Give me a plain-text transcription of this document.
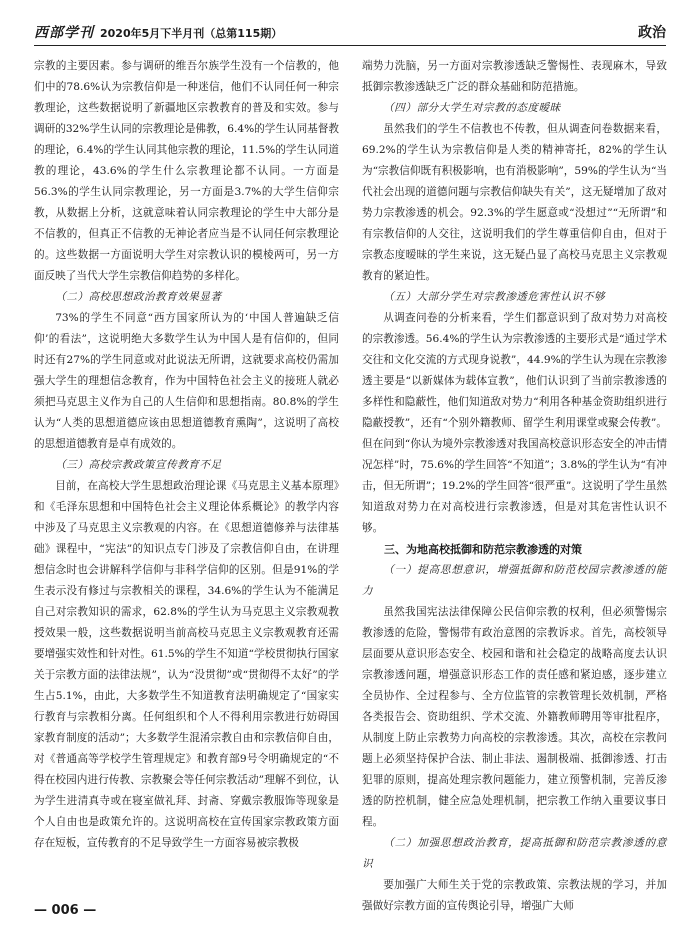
西部学刊 2020年5月下半月刊（总第115期）	政治

宗教的主要因素。参与调研的维吾尔族学生没有一个信教的，他们中的78.6%认为宗教信仰是一种迷信，他们不认同任何一种宗教理论，这些数据说明了新疆地区宗教教育的普及和实效。参与调研的32%学生认同的宗教理论是佛教，6.4%的学生认同基督教的理论，6.4%的学生认同其他宗教的理论，11.5%的学生认同道教的理论，43.6%的学生什么宗教理论都不认同。一方面是56.3%的学生认同宗教理论，另一方面是3.7%的大学生信仰宗教，从数据上分析，这就意味着认同宗教理论的学生中大部分是不信教的，但真正不信教的无神论者应当是不认同任何宗教理论的。这些数据一方面说明大学生对宗教认识的模棱两可，另一方面反映了当代大学生宗教信仰趋势的多样化。

（二）高校思想政治教育效果显著

73%的学生不同意“西方国家所认为的‘中国人普遍缺乏信仰’的看法”，这说明绝大多数学生认为中国人是有信仰的，但同时还有27%的学生同意或对此说法无所谓，这就要求高校仍需加强大学生的理想信念教育，作为中国特色社会主义的接班人就必须把马克思主义作为自己的人生信仰和思想指南。80.8%的学生认为“人类的思想道德应该由思想道德教育熏陶”，这说明了高校的思想道德教育是卓有成效的。

（三）高校宗教政策宣传教育不足

目前，在高校大学生思想政治理论课《马克思主义基本原理》和《毛泽东思想和中国特色社会主义理论体系概论》的教学内容中涉及了马克思主义宗教观的内容。在《思想道德修养与法律基础》课程中，“宪法”的知识点专门涉及了宗教信仰自由，在讲理想信念时也会讲解科学信仰与非科学信仰的区别。但是91%的学生表示没有修过与宗教相关的课程，34.6%的学生认为不能满足自己对宗教知识的需求，62.8%的学生认为马克思主义宗教观教授效果一般，这些数据说明当前高校马克思主义宗教观教育还需要增强实效性和针对性。61.5%的学生不知道“学校贯彻执行国家关于宗教方面的法律法规”，认为“没贯彻”或“贯彻得不太好”的学生占5.1%，由此，大多数学生不知道教育法明确规定了“国家实行教育与宗教相分离。任何组织和个人不得利用宗教进行妨碍国家教育制度的活动”；大多数学生混淆宗教自由和宗教信仰自由，对《普通高等学校学生管理规定》和教育部9号令明确规定的“不得在校园内进行传教、宗教聚会等任何宗教活动”理解不到位，认为学生进清真寺或在寝室做礼拜、封斋、穿戴宗教服饰等现象是个人自由也是政策允许的。这说明高校在宣传国家宗教政策方面存在短板，宣传教育的不足导致学生一方面容易被宗教极

端势力洗脑，另一方面对宗教渗透缺乏警惕性、表现麻木，导致抵御宗教渗透缺乏广泛的群众基础和防范措施。

（四）部分大学生对宗教的态度暧昧

虽然我们的学生不信教也不传教，但从调查问卷数据来看，69.2%的学生认为宗教信仰是人类的精神寄托，82%的学生认为“宗教信仰既有积极影响，也有消极影响”，59%的学生认为“当代社会出现的道德问题与宗教信仰缺失有关”，这无疑增加了敌对势力宗教渗透的机会。92.3%的学生愿意或“没想过”“无所谓”和有宗教信仰的人交往，这说明我们的学生尊重信仰自由，但对于宗教态度暧昧的学生来说，这无疑凸显了高校马克思主义宗教观教育的紧迫性。

（五）大部分学生对宗教渗透危害性认识不够

从调查问卷的分析来看，学生们都意识到了敌对势力对高校的宗教渗透。56.4%的学生认为宗教渗透的主要形式是“通过学术交往和文化交流的方式现身说教”，44.9%的学生认为现在宗教渗透主要是“以新媒体为载体宣教”，他们认识到了当前宗教渗透的多样性和隐蔽性，他们知道敌对势力“利用各种基金资助组织进行隐蔽授教”，还有“个别外籍教师、留学生利用课堂或聚会传教”。但在问到“你认为境外宗教渗透对我国高校意识形态安全的冲击情况怎样”时，75.6%的学生回答“不知道”；3.8%的学生认为“有冲击，但无所谓”；19.2%的学生回答“很严重”。这说明了学生虽然知道敌对势力在对高校进行宗教渗透，但是对其危害性认识不够。

三、为地高校抵御和防范宗教渗透的对策
（一）提高思想意识，增强抵御和防范校园宗教渗透的能力

虽然我国宪法法律保障公民信仰宗教的权利，但必须警惕宗教渗透的危险，警惕带有政治意图的宗教诉求。首先，高校领导层面要从意识形态安全、校园和谐和社会稳定的战略高度去认识宗教渗透问题，增强意识形态工作的责任感和紧迫感，逐步建立全员协作、全过程参与、全方位监管的宗教管理长效机制，严格各类报告会、资助组织、学术交流、外籍教师聘用等审批程序，从制度上防止宗教势力向高校的宗教渗透。其次，高校在宗教问题上必须坚持保护合法、制止非法、遏制极端、抵御渗透、打击犯罪的原则，提高处理宗教问题能力，建立预警机制，完善反渗透的防控机制，健全应急处理机制，把宗教工作纳入重要议事日程。

（二）加强思想政治教育，提高抵御和防范宗教渗透的意识

要加强广大师生关于党的宗教政策、宗教法规的学习，并加强做好宗教方面的宣传舆论引导，增强广大师

— 006 —
